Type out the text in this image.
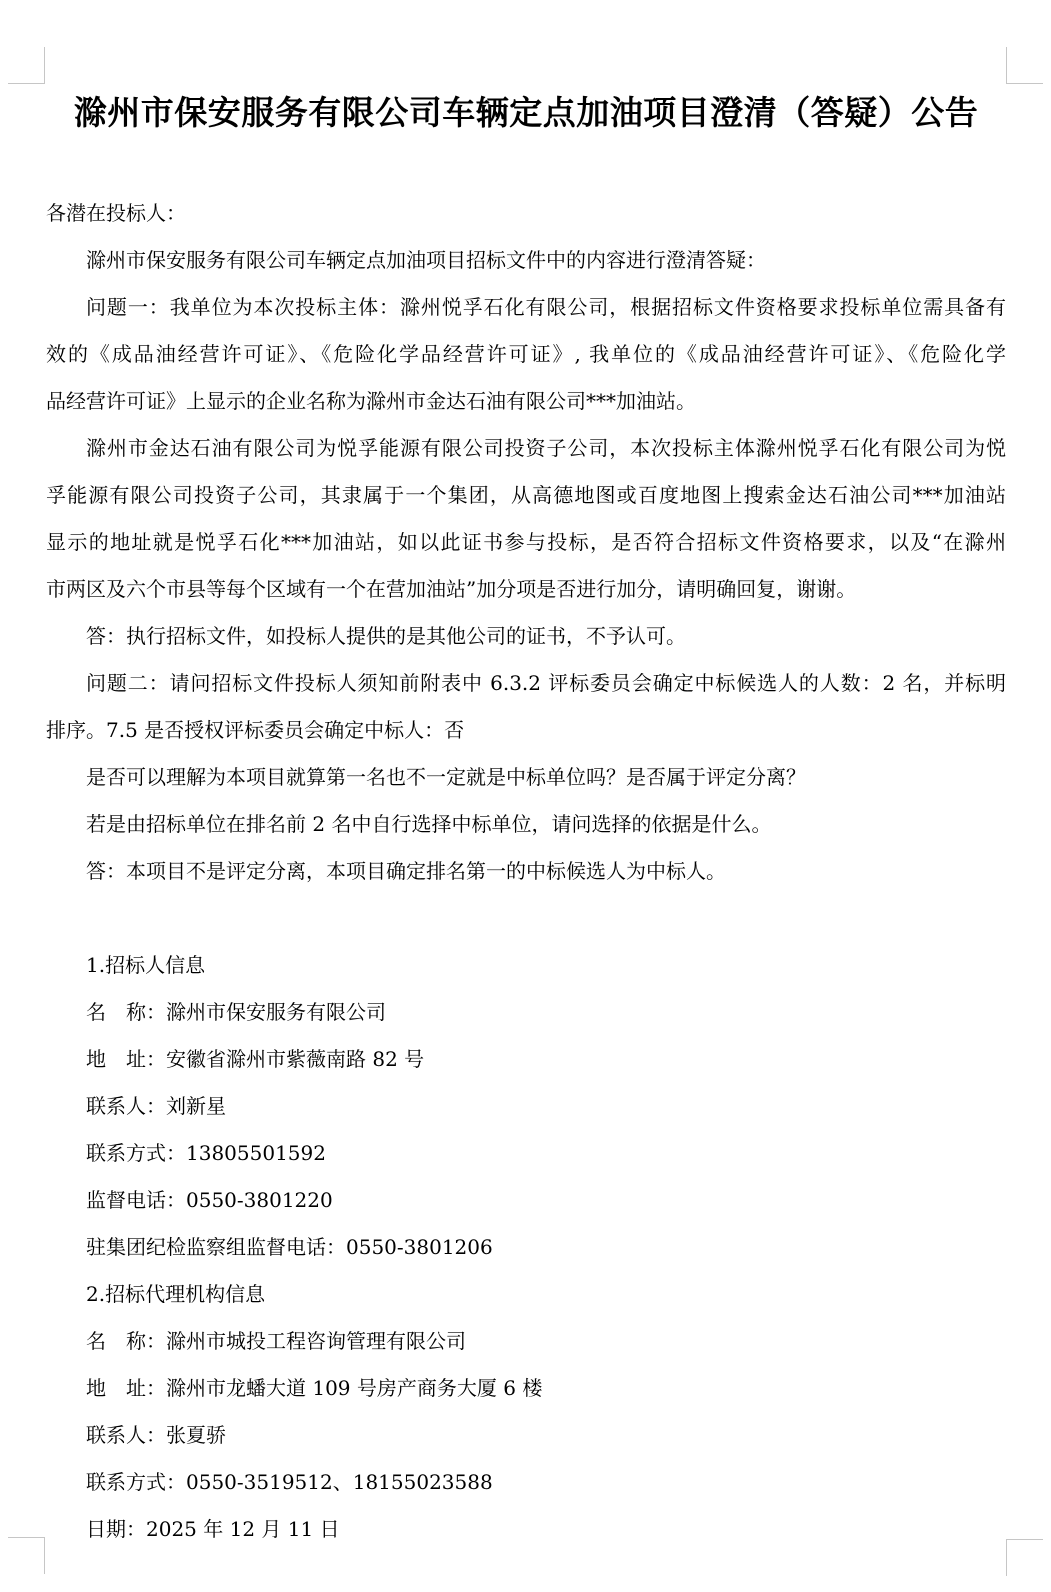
滁州市保安服务有限公司车辆定点加油项目澄清（答疑）公告
各潜在投标人：
滁州市保安服务有限公司车辆定点加油项目招标文件中的内容进行澄清答疑：
问题一：我单位为本次投标主体：滁州悦孚石化有限公司，根据招标文件资格要求投标单位需具备有
效的《成品油经营许可证》、《危险化学品经营许可证》, 我单位的《成品油经营许可证》、《危险化学
品经营许可证》上显示的企业名称为滁州市金达石油有限公司***加油站。
滁州市金达石油有限公司为悦孚能源有限公司投资子公司，本次投标主体滁州悦孚石化有限公司为悦
孚能源有限公司投资子公司，其隶属于一个集团，从高德地图或百度地图上搜索金达石油公司***加油站
显示的地址就是悦孚石化***加油站，如以此证书参与投标，是否符合招标文件资格要求，以及“在滁州
市两区及六个市县等每个区域有一个在营加油站”加分项是否进行加分，请明确回复，谢谢。
答：执行招标文件，如投标人提供的是其他公司的证书，不予认可。
问题二：请问招标文件投标人须知前附表中 6.3.2 评标委员会确定中标候选人的人数：2 名，并标明
排序。7.5 是否授权评标委员会确定中标人：否
是否可以理解为本项目就算第一名也不一定就是中标单位吗？是否属于评定分离？
若是由招标单位在排名前 2 名中自行选择中标单位，请问选择的依据是什么。
答：本项目不是评定分离，本项目确定排名第一的中标候选人为中标人。
1.招标人信息
名　称：滁州市保安服务有限公司
地　址：安徽省滁州市紫薇南路 82 号
联系人：刘新星
联系方式：13805501592
监督电话：0550-3801220
驻集团纪检监察组监督电话：0550-3801206
2.招标代理机构信息
名　称：滁州市城投工程咨询管理有限公司
地　址：滁州市龙蟠大道 109 号房产商务大厦 6 楼
联系人：张夏骄
联系方式：0550-3519512、18155023588
日期：2025 年 12 月 11 日
